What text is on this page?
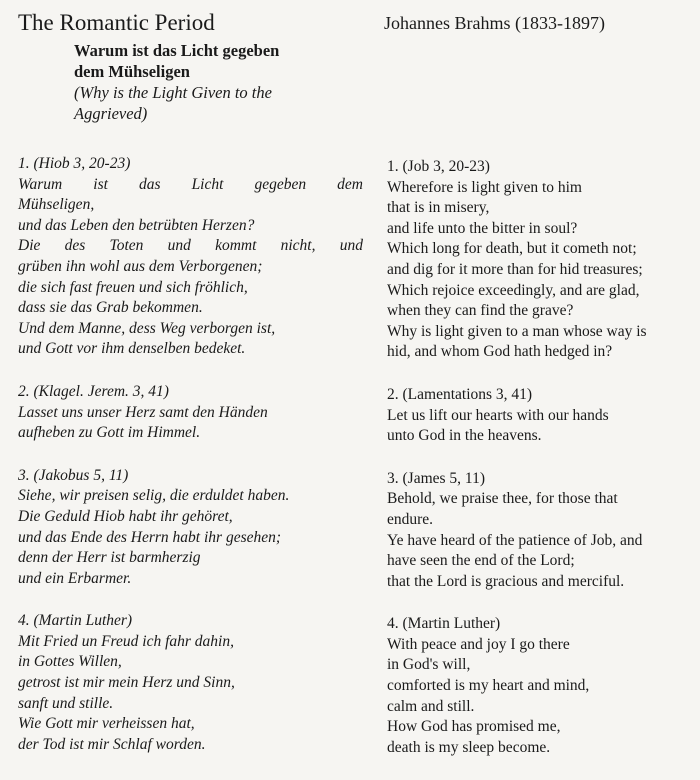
The Romantic Period
Warum ist das Licht gegeben
dem Mühseligen
(Why is the Light Given to the
Aggrieved)
Johannes Brahms (1833-1897)
1. (Hiob 3, 20-23)
Warum ist das Licht gegeben dem
Mühseligen,
und das Leben den betrübten Herzen?
Die des Toten und kommt nicht, und
grüben ihn wohl aus dem Verborgenen;
die sich fast freuen und sich fröhlich,
dass sie das Grab bekommen.
Und dem Manne, dess Weg verborgen ist,
und Gott vor ihm denselben bedeket.
2. (Klagel. Jerem. 3, 41)
Lasset uns unser Herz samt den Händen
aufheben zu Gott im Himmel.
3. (Jakobus 5, 11)
Siehe, wir preisen selig, die erduldet haben.
Die Geduld Hiob habt ihr gehöret,
und das Ende des Herrn habt ihr gesehen;
denn der Herr ist barmherzig
und ein Erbarmer.
4. (Martin Luther)
Mit Fried un Freud ich fahr dahin,
in Gottes Willen,
getrost ist mir mein Herz und Sinn,
sanft und stille.
Wie Gott mir verheissen hat,
der Tod ist mir Schlaf worden.
1. (Job 3, 20-23)
Wherefore is light given to him
that is in misery,
and life unto the bitter in soul?
Which long for death, but it cometh not;
and dig for it more than for hid treasures;
Which rejoice exceedingly, and are glad,
when they can find the grave?
Why is light given to a man whose way is
hid, and whom God hath hedged in?
2. (Lamentations 3, 41)
Let us lift our hearts with our hands
unto God in the heavens.
3. (James 5, 11)
Behold, we praise thee, for those that
endure.
Ye have heard of the patience of Job, and
have seen the end of the Lord;
that the Lord is gracious and merciful.
4. (Martin Luther)
With peace and joy I go there
in God's will,
comforted is my heart and mind,
calm and still.
How God has promised me,
death is my sleep become.
